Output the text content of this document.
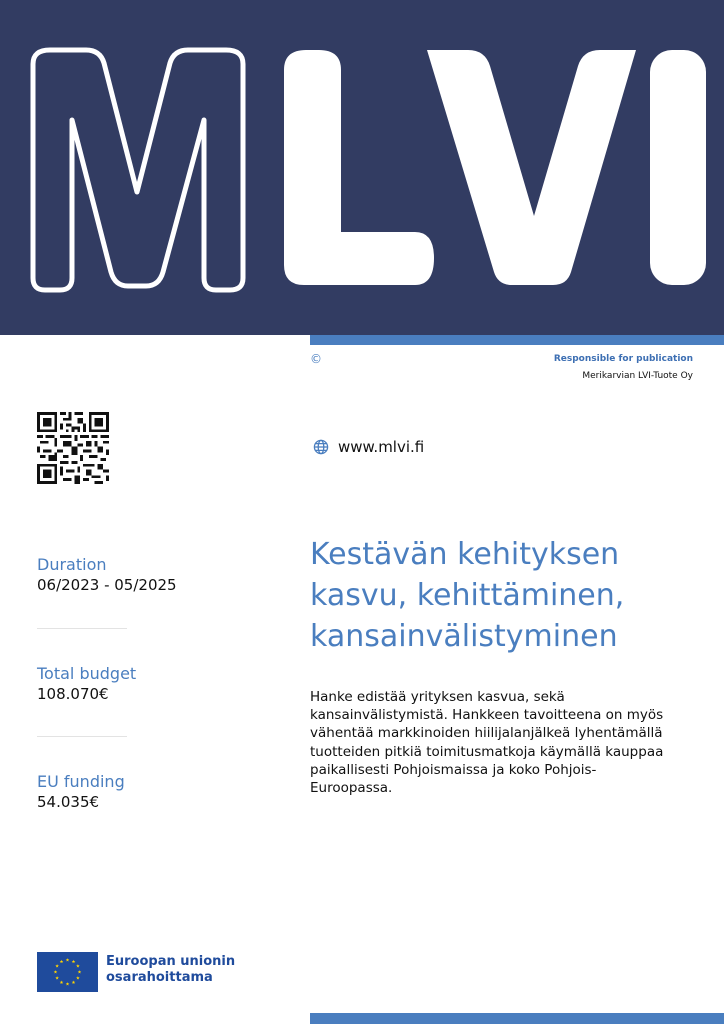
©	Responsible for publication
Merikarvian LVI-Tuote Oy
www.mlvi.fi
Duration
06/2023 - 05/2025
Total budget
108.070€
EU funding
54.035€
Kestävän kehityksen
kasvu, kehittäminen,
kansainvälistyminen
Hanke edistää yrityksen kasvua, sekä
kansainvälistymistä. Hankkeen tavoitteena on myös
vähentää markkinoiden hiilijalanjälkeä lyhentämällä
tuotteiden pitkiä toimitusmatkoja käymällä kauppaa
paikallisesti Pohjoismaissa ja koko Pohjois-
Euroopassa.
Euroopan unionin
osarahoittama
